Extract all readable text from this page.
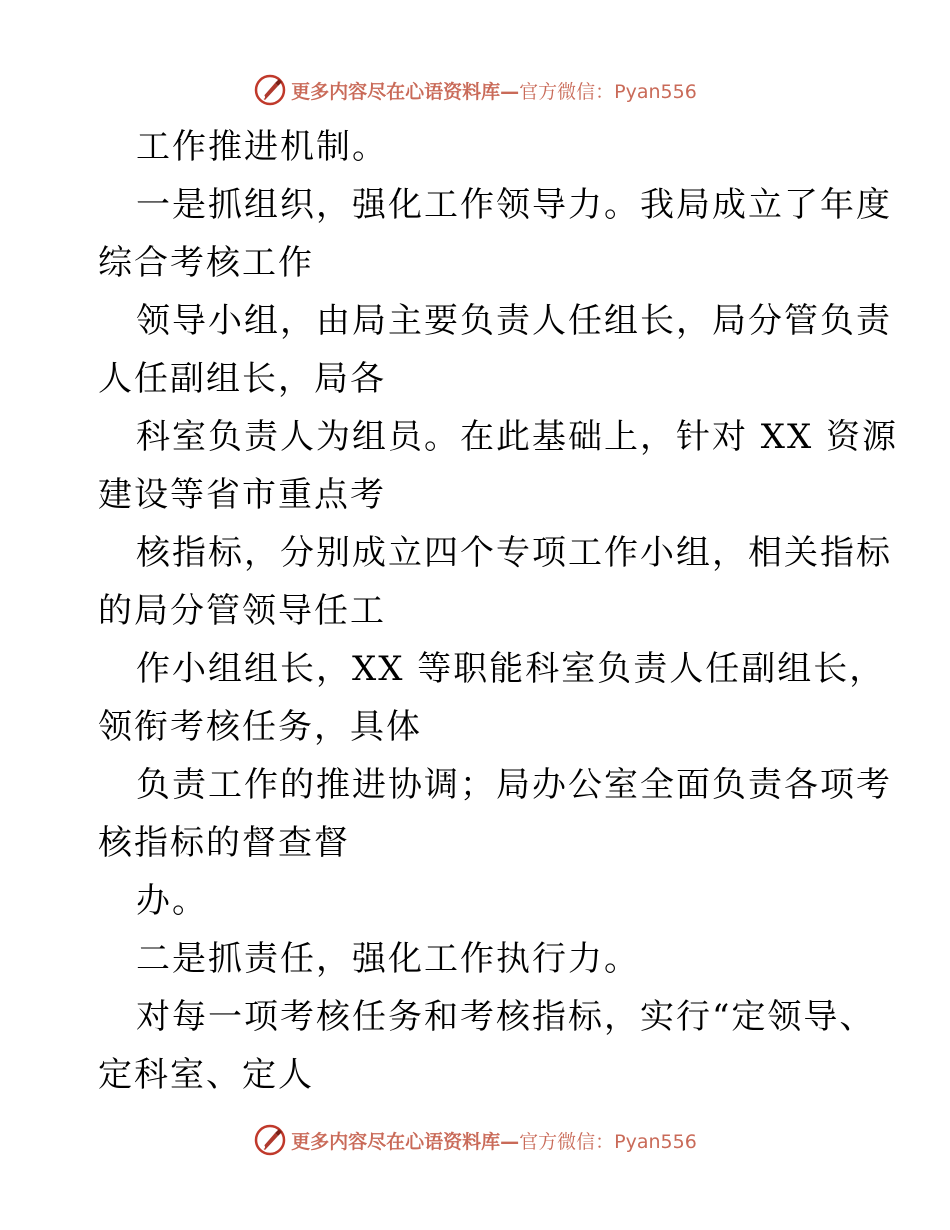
更多内容尽在心语资料库—官方微信：Pyan556

工作推进机制。

一是抓组织，强化工作领导力。我局成立了年度

综合考核工作

领导小组，由局主要负责人任组长，局分管负责

人任副组长，局各

科室负责人为组员。在此基础上，针对 XX 资源

建设等省市重点考

核指标，分别成立四个专项工作小组，相关指标

的局分管领导任工

作小组组长，XX 等职能科室负责人任副组长，

领衔考核任务，具体

负责工作的推进协调；局办公室全面负责各项考

核指标的督查督

办。

二是抓责任，强化工作执行力。

对每一项考核任务和考核指标，实行“定领导、

定科室、定人

更多内容尽在心语资料库—官方微信：Pyan556
